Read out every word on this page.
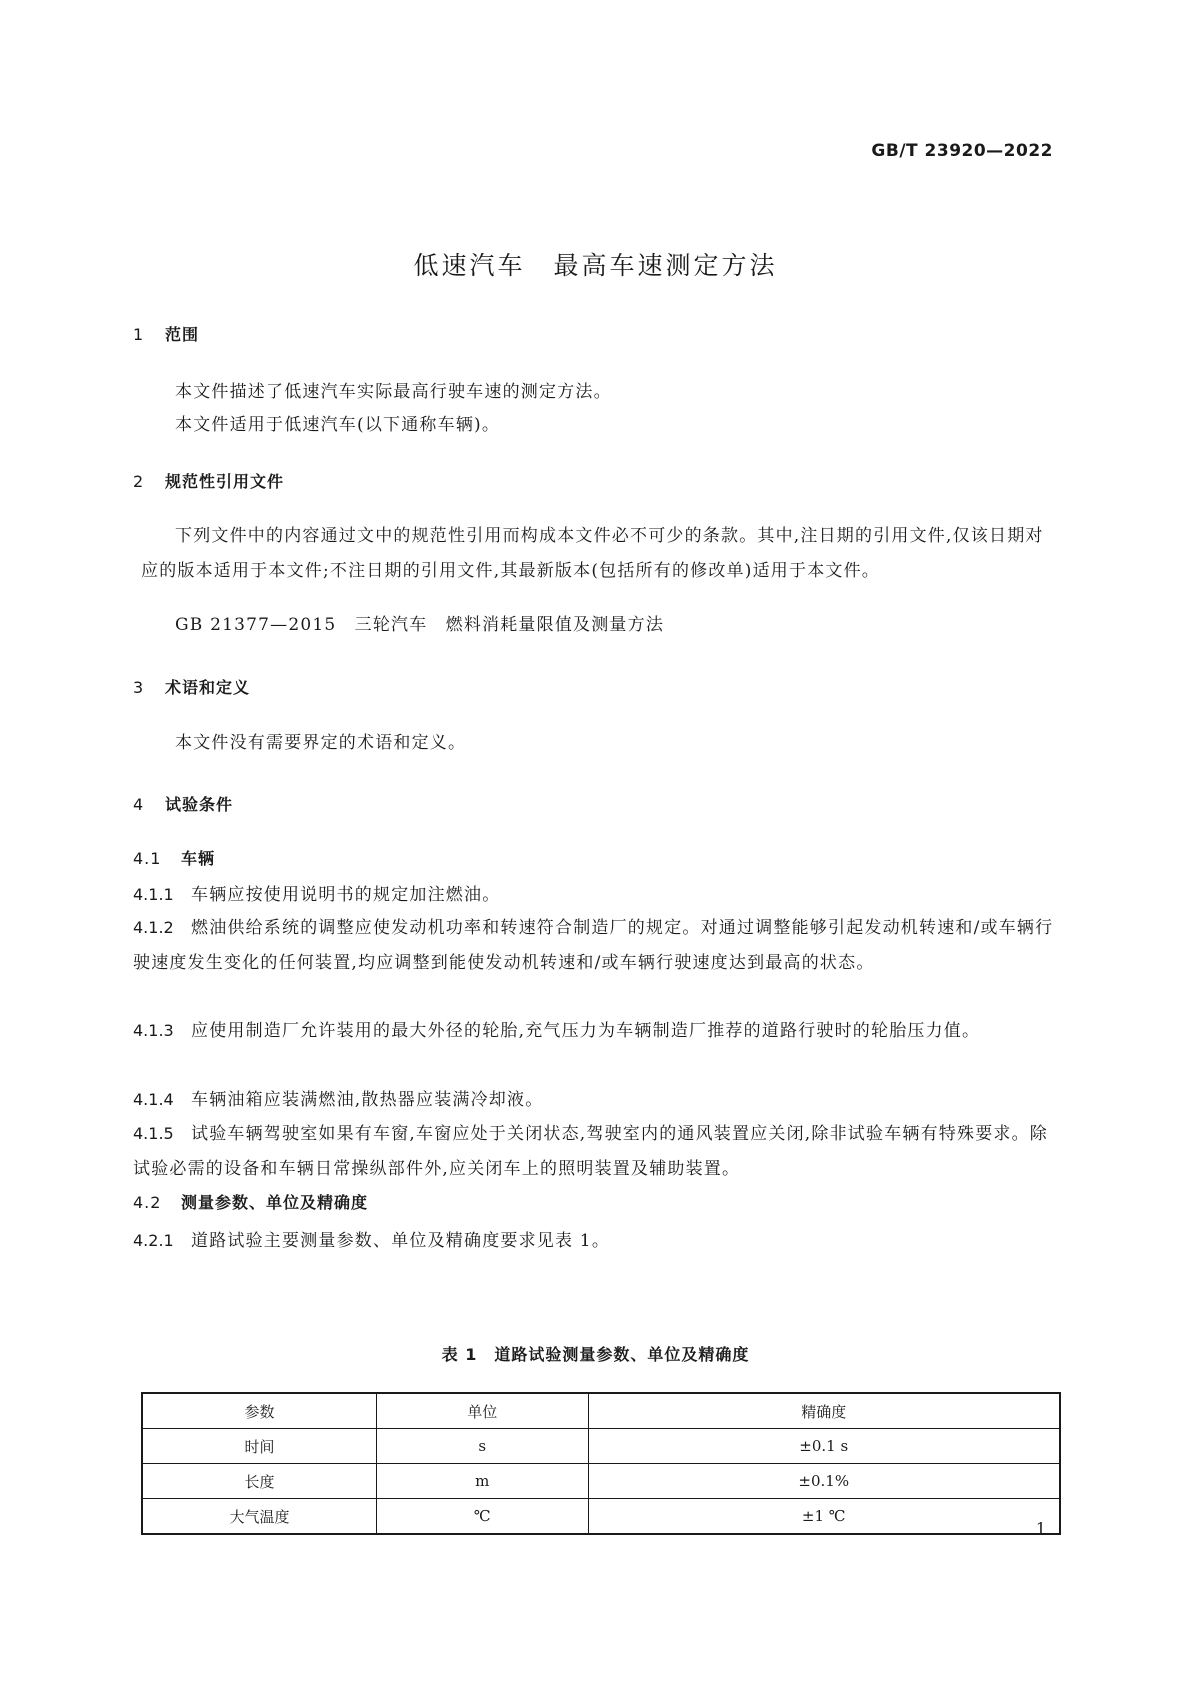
GB/T 23920—2022
低速汽车　最高车速测定方法
1 范围
本文件描述了低速汽车实际最高行驶车速的测定方法。
本文件适用于低速汽车(以下通称车辆)。
2 规范性引用文件
下列文件中的内容通过文中的规范性引用而构成本文件必不可少的条款。其中,注日期的引用文件,仅该日期对应的版本适用于本文件;不注日期的引用文件,其最新版本(包括所有的修改单)适用于本文件。
GB 21377—2015　三轮汽车　燃料消耗量限值及测量方法
3 术语和定义
本文件没有需要界定的术语和定义。
4 试验条件
4.1 车辆
4.1.1 车辆应按使用说明书的规定加注燃油。
4.1.2 燃油供给系统的调整应使发动机功率和转速符合制造厂的规定。对通过调整能够引起发动机转速和/或车辆行驶速度发生变化的任何装置,均应调整到能使发动机转速和/或车辆行驶速度达到最高的状态。
4.1.3 应使用制造厂允许装用的最大外径的轮胎,充气压力为车辆制造厂推荐的道路行驶时的轮胎压力值。
4.1.4 车辆油箱应装满燃油,散热器应装满冷却液。
4.1.5 试验车辆驾驶室如果有车窗,车窗应处于关闭状态,驾驶室内的通风装置应关闭,除非试验车辆有特殊要求。除试验必需的设备和车辆日常操纵部件外,应关闭车上的照明装置及辅助装置。
4.2 测量参数、单位及精确度
4.2.1 道路试验主要测量参数、单位及精确度要求见表 1。
表 1　道路试验测量参数、单位及精确度
参数	单位	精确度
时间	s	±0.1 s
长度	m	±0.1%
大气温度	℃	±1 ℃
1
